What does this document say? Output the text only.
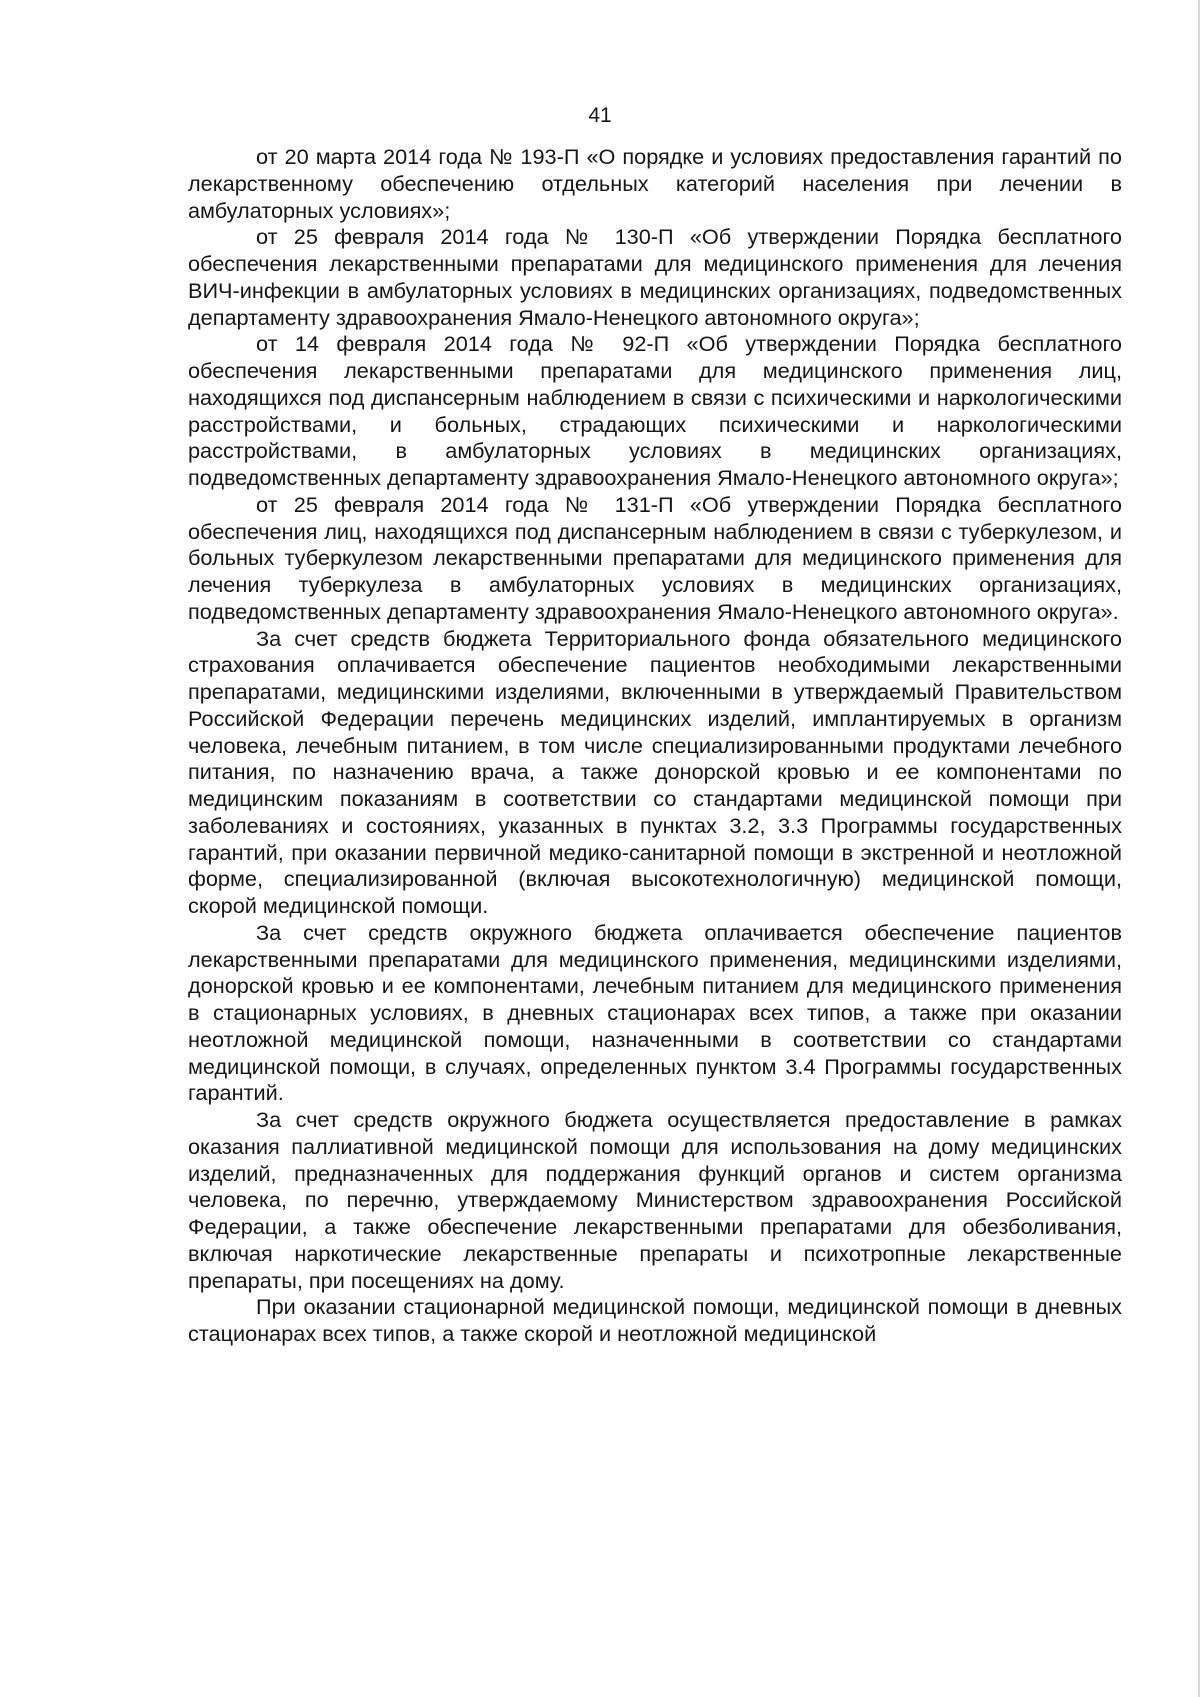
41

от 20 марта 2014 года № 193-П «О порядке и условиях предоставления гарантий по лекарственному обеспечению отдельных категорий населения при лечении в амбулаторных условиях»;

от 25 февраля 2014 года № 130-П «Об утверждении Порядка бесплатного обеспечения лекарственными препаратами для медицинского применения для лечения ВИЧ-инфекции в амбулаторных условиях в медицинских организациях, подведомственных департаменту здравоохранения Ямало-Ненецкого автономного округа»;

от 14 февраля 2014 года № 92-П «Об утверждении Порядка бесплатного обеспечения лекарственными препаратами для медицинского применения лиц, находящихся под диспансерным наблюдением в связи с психическими и наркологическими расстройствами, и больных, страдающих психическими и наркологическими расстройствами, в амбулаторных условиях в медицинских организациях, подведомственных департаменту здравоохранения Ямало-Ненецкого автономного округа»;

от 25 февраля 2014 года № 131-П «Об утверждении Порядка бесплатного обеспечения лиц, находящихся под диспансерным наблюдением в связи с туберкулезом, и больных туберкулезом лекарственными препаратами для медицинского применения для лечения туберкулеза в амбулаторных условиях в медицинских организациях, подведомственных департаменту здравоохранения Ямало-Ненецкого автономного округа».

За счет средств бюджета Территориального фонда обязательного медицинского страхования оплачивается обеспечение пациентов необходимыми лекарственными препаратами, медицинскими изделиями, включенными в утверждаемый Правительством Российской Федерации перечень медицинских изделий, имплантируемых в организм человека, лечебным питанием, в том числе специализированными продуктами лечебного питания, по назначению врача, а также донорской кровью и ее компонентами по медицинским показаниям в соответствии со стандартами медицинской помощи при заболеваниях и состояниях, указанных в пунктах 3.2, 3.3 Программы государственных гарантий, при оказании первичной медико-санитарной помощи в экстренной и неотложной форме, специализированной (включая высокотехнологичную) медицинской помощи, скорой медицинской помощи.

За счет средств окружного бюджета оплачивается обеспечение пациентов лекарственными препаратами для медицинского применения, медицинскими изделиями, донорской кровью и ее компонентами, лечебным питанием для медицинского применения в стационарных условиях, в дневных стационарах всех типов, а также при оказании неотложной медицинской помощи, назначенными в соответствии со стандартами медицинской помощи, в случаях, определенных пунктом 3.4 Программы государственных гарантий.

За счет средств окружного бюджета осуществляется предоставление в рамках оказания паллиативной медицинской помощи для использования на дому медицинских изделий, предназначенных для поддержания функций органов и систем организма человека, по перечню, утверждаемому Министерством здравоохранения Российской Федерации, а также обеспечение лекарственными препаратами для обезболивания, включая наркотические лекарственные препараты и психотропные лекарственные препараты, при посещениях на дому.

При оказании стационарной медицинской помощи, медицинской помощи в дневных стационарах всех типов, а также скорой и неотложной медицинской
